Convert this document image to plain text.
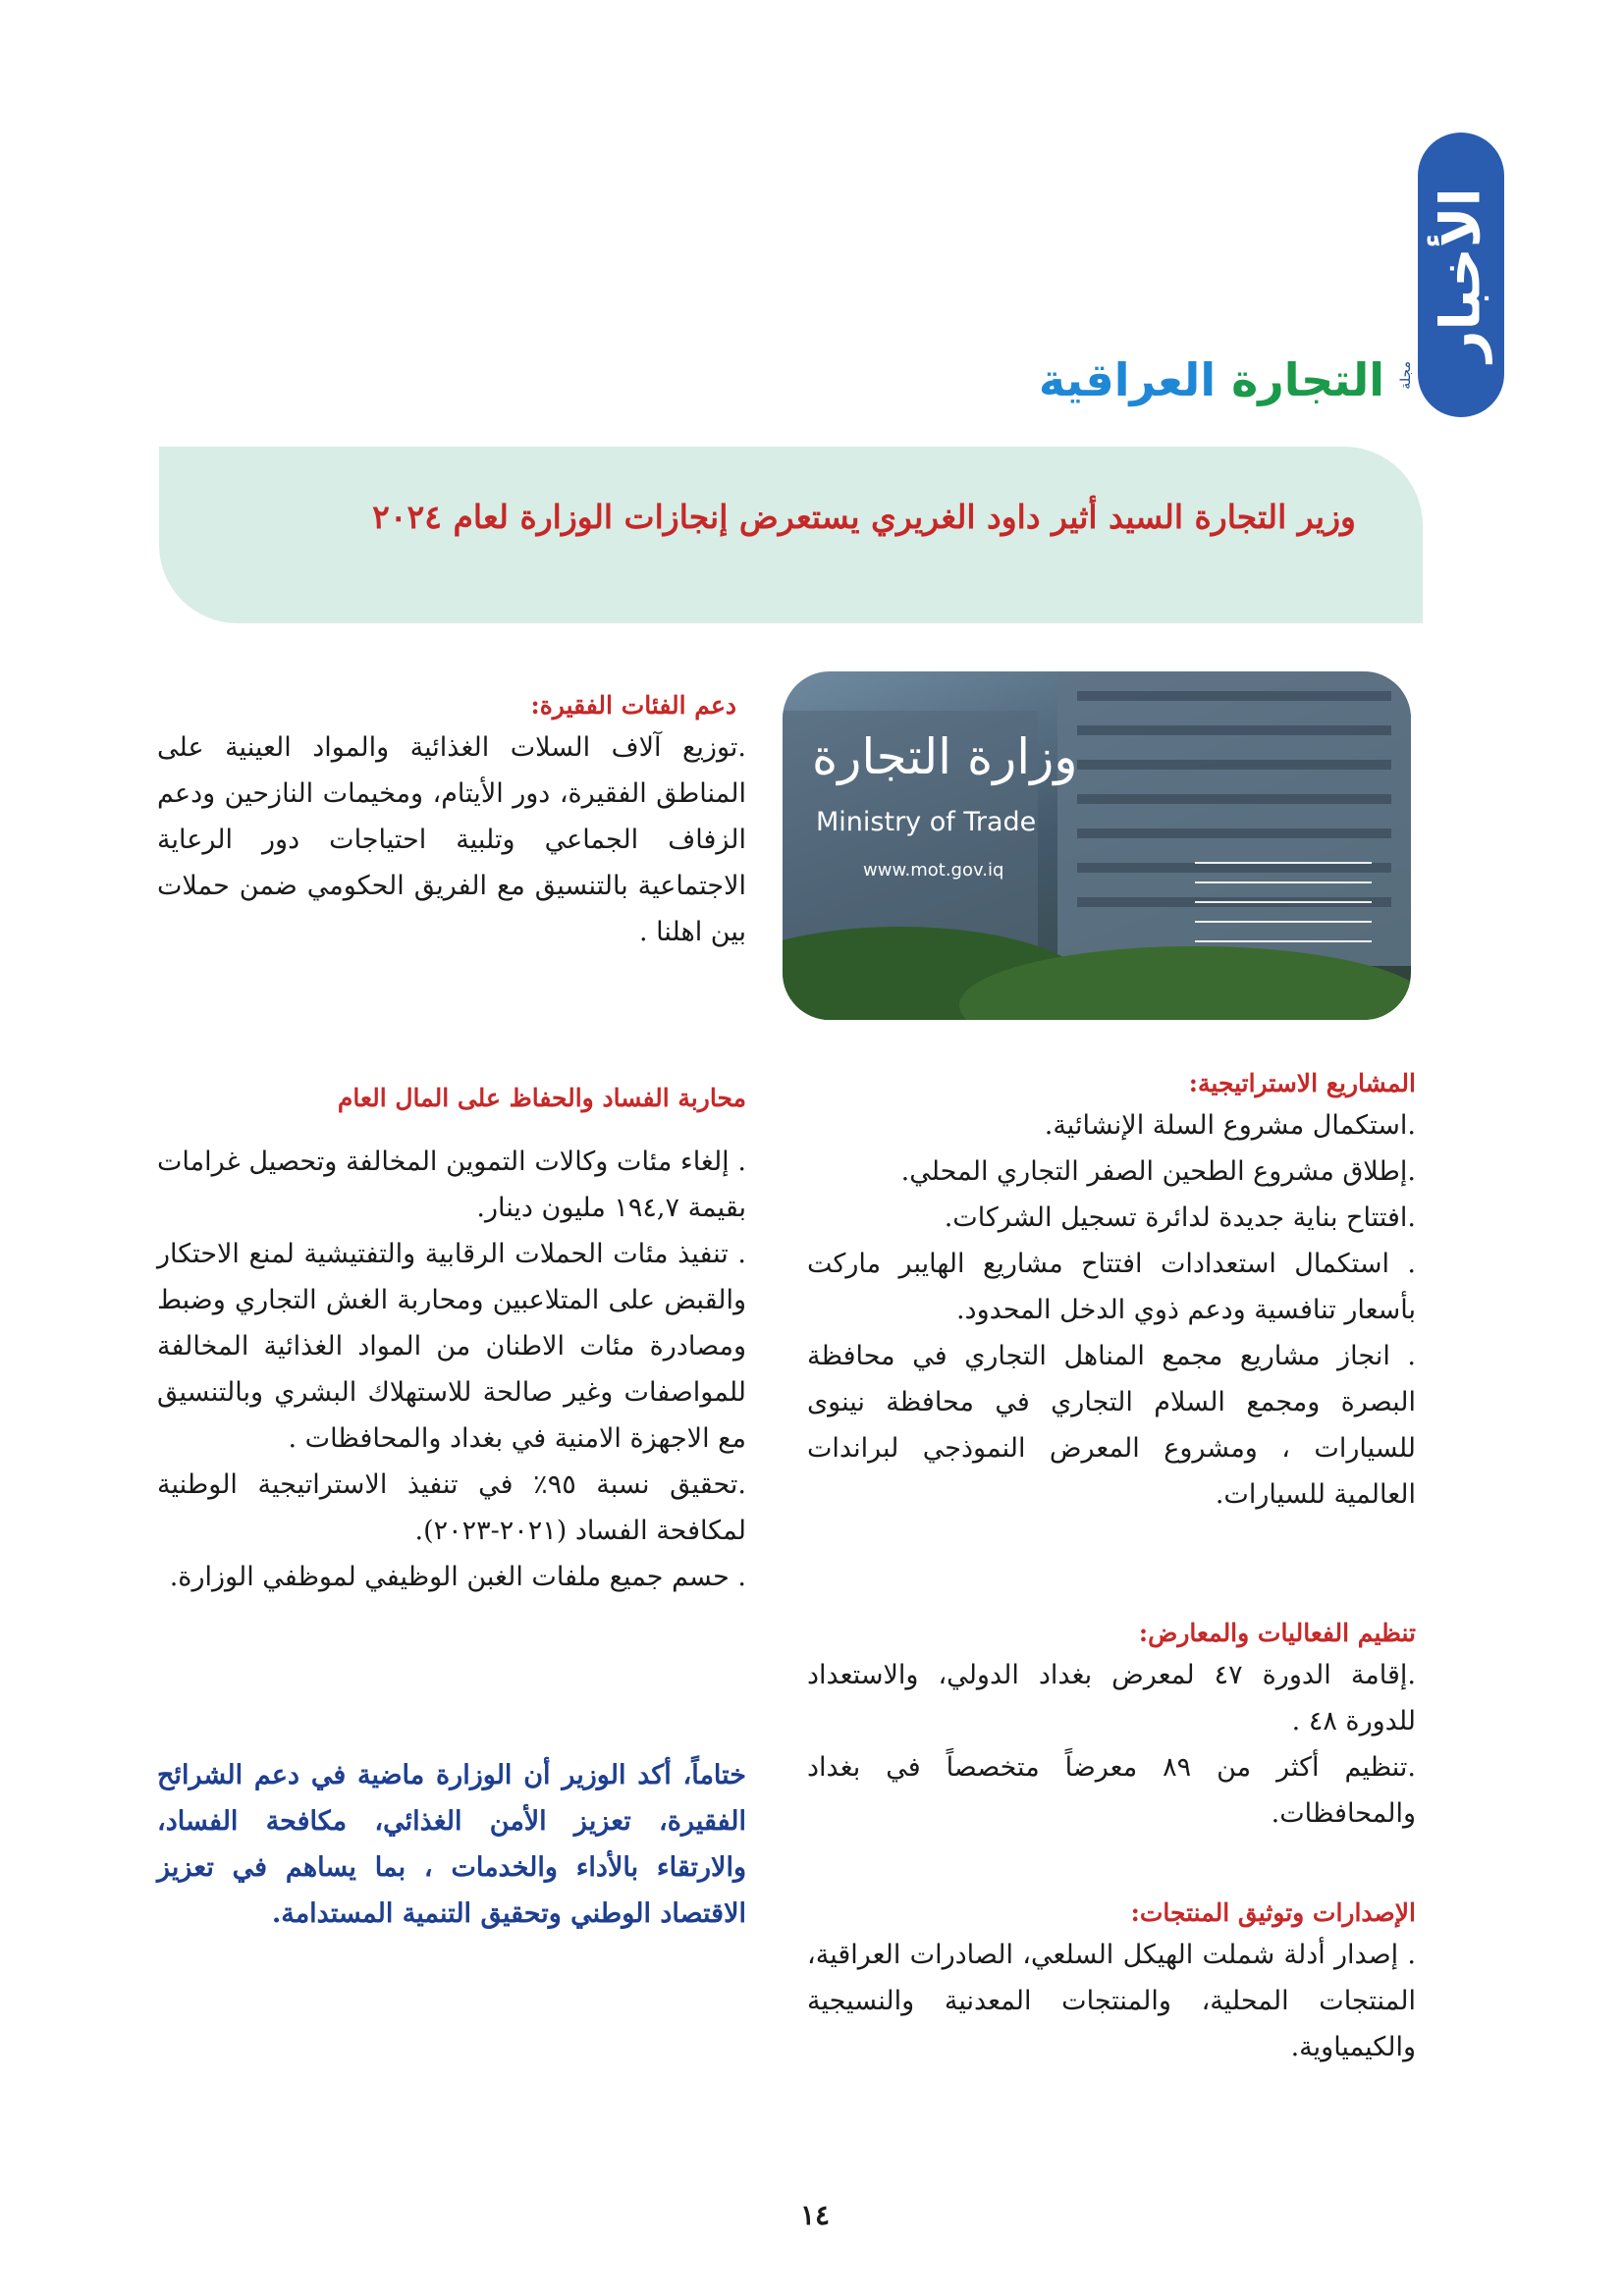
الأخبار
مجلة
التجارة العراقية
وزير التجارة السيد أثير داود الغريري يستعرض إنجازات الوزارة لعام ٢٠٢٤
وزارة التجارة
Ministry of Trade
www.mot.gov.iq
دعم الفئات الفقيرة:
.توزيع آلاف السلات الغذائية والمواد العينية على المناطق الفقيرة، دور الأيتام، ومخيمات النازحين ودعم الزفاف الجماعي وتلبية احتياجات دور الرعاية الاجتماعية بالتنسيق مع الفريق الحكومي ضمن حملات بين اهلنا .
المشاريع الاستراتيجية:

.استكمال مشروع السلة الإنشائية.

.إطلاق مشروع الطحين الصفر التجاري المحلي.

.افتتاح بناية جديدة لدائرة تسجيل الشركات.

. استكمال استعدادات افتتاح مشاريع الهايبر ماركت بأسعار تنافسية ودعم ذوي الدخل المحدود.

. انجاز مشاريع مجمع المناهل التجاري في محافظة البصرة ومجمع السلام التجاري في محافظة نينوى للسيارات ، ومشروع المعرض النموذجي لبراندات العالمية للسيارات.

محاربة الفساد والحفاظ على المال العام

. إلغاء مئات وكالات التموين المخالفة وتحصيل غرامات بقيمة ١٩٤,٧ مليون دينار.

. تنفيذ مئات الحملات الرقابية والتفتيشية لمنع الاحتكار والقبض على المتلاعبين ومحاربة الغش التجاري وضبط ومصادرة مئات الاطنان من المواد الغذائية المخالفة للمواصفات وغير صالحة للاستهلاك البشري وبالتنسيق مع الاجهزة الامنية في بغداد والمحافظات .

.تحقيق نسبة ٩٥٪ في تنفيذ الاستراتيجية الوطنية لمكافحة الفساد (٢٠٢١-٢٠٢٣).

. حسم جميع ملفات الغبن الوظيفي لموظفي الوزارة.

تنظيم الفعاليات والمعارض:

.إقامة الدورة ٤٧ لمعرض بغداد الدولي، والاستعداد للدورة ٤٨ .

.تنظيم أكثر من ٨٩ معرضاً متخصصاً في بغداد والمحافظات.

ختاماً، أكد الوزير أن الوزارة ماضية في دعم الشرائح الفقيرة، تعزيز الأمن الغذائي، مكافحة الفساد، والارتقاء بالأداء والخدمات ، بما يساهم في تعزيز الاقتصاد الوطني وتحقيق التنمية المستدامة.	الإصدارات وتوثيق المنتجات:

. إصدار أدلة شملت الهيكل السلعي، الصادرات العراقية، المنتجات المحلية، والمنتجات المعدنية والنسيجية والكيمياوية.

١٤
